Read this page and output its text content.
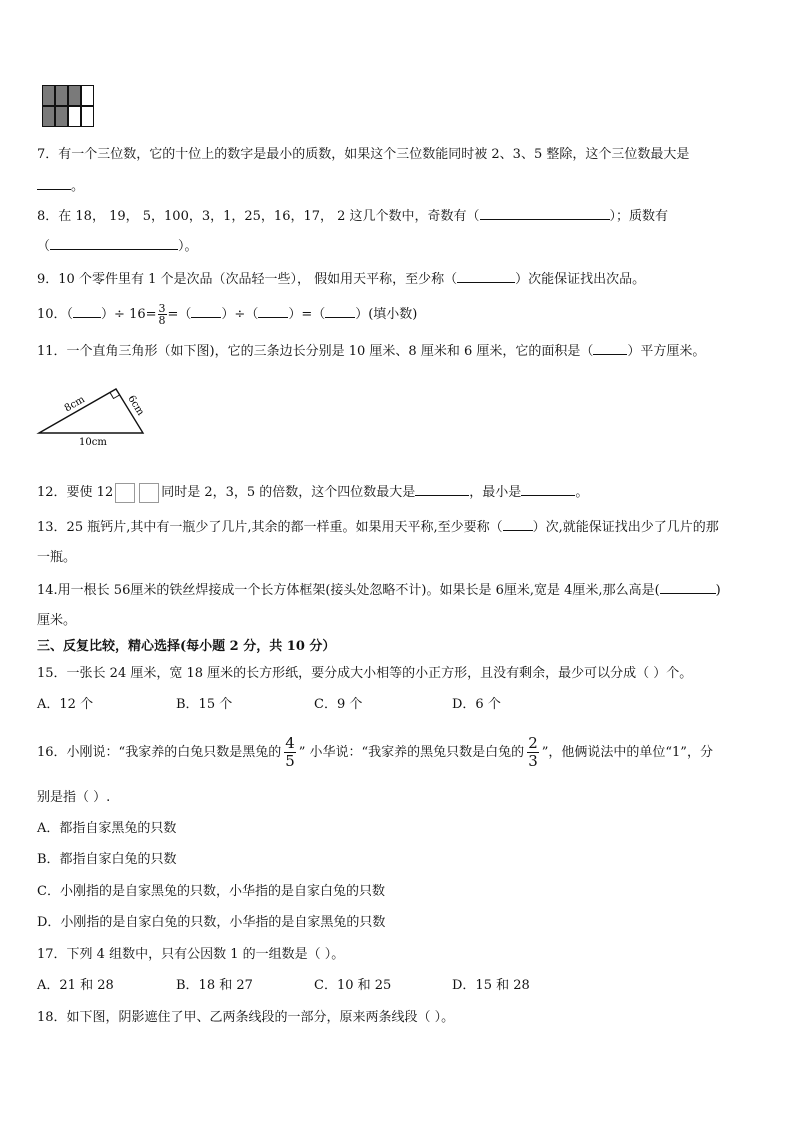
7．有一个三位数，它的十位上的数字是最小的质数，如果这个三位数能同时被 2、3、5 整除，这个三位数最大是
。
8．在 18， 19， 5，100，3，1，25，16，17， 2 这几个数中，奇数有（	）；质数有
（	）。
9．10 个零件里有 1 个是次品（次品轻一些）， 假如用天平称，至少称（	）次能保证找出次品。
10．（ ）÷ $16= \frac{3}{8}$ =（ ）÷（ ）=（ ）(填小数)
11．一个直角三角形（如下图)，它的三条边长分别是 10 厘米、8 厘米和 6 厘米，它的面积是（	）平方厘米。
8cm	6cm
10cm
12．要使 12	同时是 2，3，5 的倍数，这个四位数最大是	，最小是	。
13．25 瓶钙片,其中有一瓶少了几片,其余的都一样重。如果用天平称,至少要称（ ）次,就能保证找出少了几片的那
一瓶。
14.用一根长 56厘米的铁丝焊接成一个长方体框架(接头处忽略不计)。如果长是 6厘米,宽是 4厘米,那么高是(	)
厘米。
三、反复比较，精心选择(每小题 2 分，共 10 分）
15．一张长 24 厘米，宽 18 厘米的长方形纸，要分成大小相等的小正方形，且没有剩余，最少可以分成（ ）个。
A．12 个	B．15 个	C．9 个	D．6 个
16．小刚说：“我家养的白兔只数是黑兔的 $\frac{4}{5}$ ” 小华说：“我家养的黑兔只数是白兔的 $\frac{2}{3}$ ”，他俩说法中的单位“1”，分
别是指（ ）.
A．都指自家黑兔的只数
B．都指自家白兔的只数
C．小刚指的是自家黑兔的只数，小华指的是自家白兔的只数
D．小刚指的是自家白兔的只数，小华指的是自家黑兔的只数
17．下列 4 组数中，只有公因数 1 的一组数是（ ）。
A．21 和 28	B．18 和 27	C．10 和 25	D．15 和 28
18．如下图，阴影遮住了甲、乙两条线段的一部分，原来两条线段（ ）。
